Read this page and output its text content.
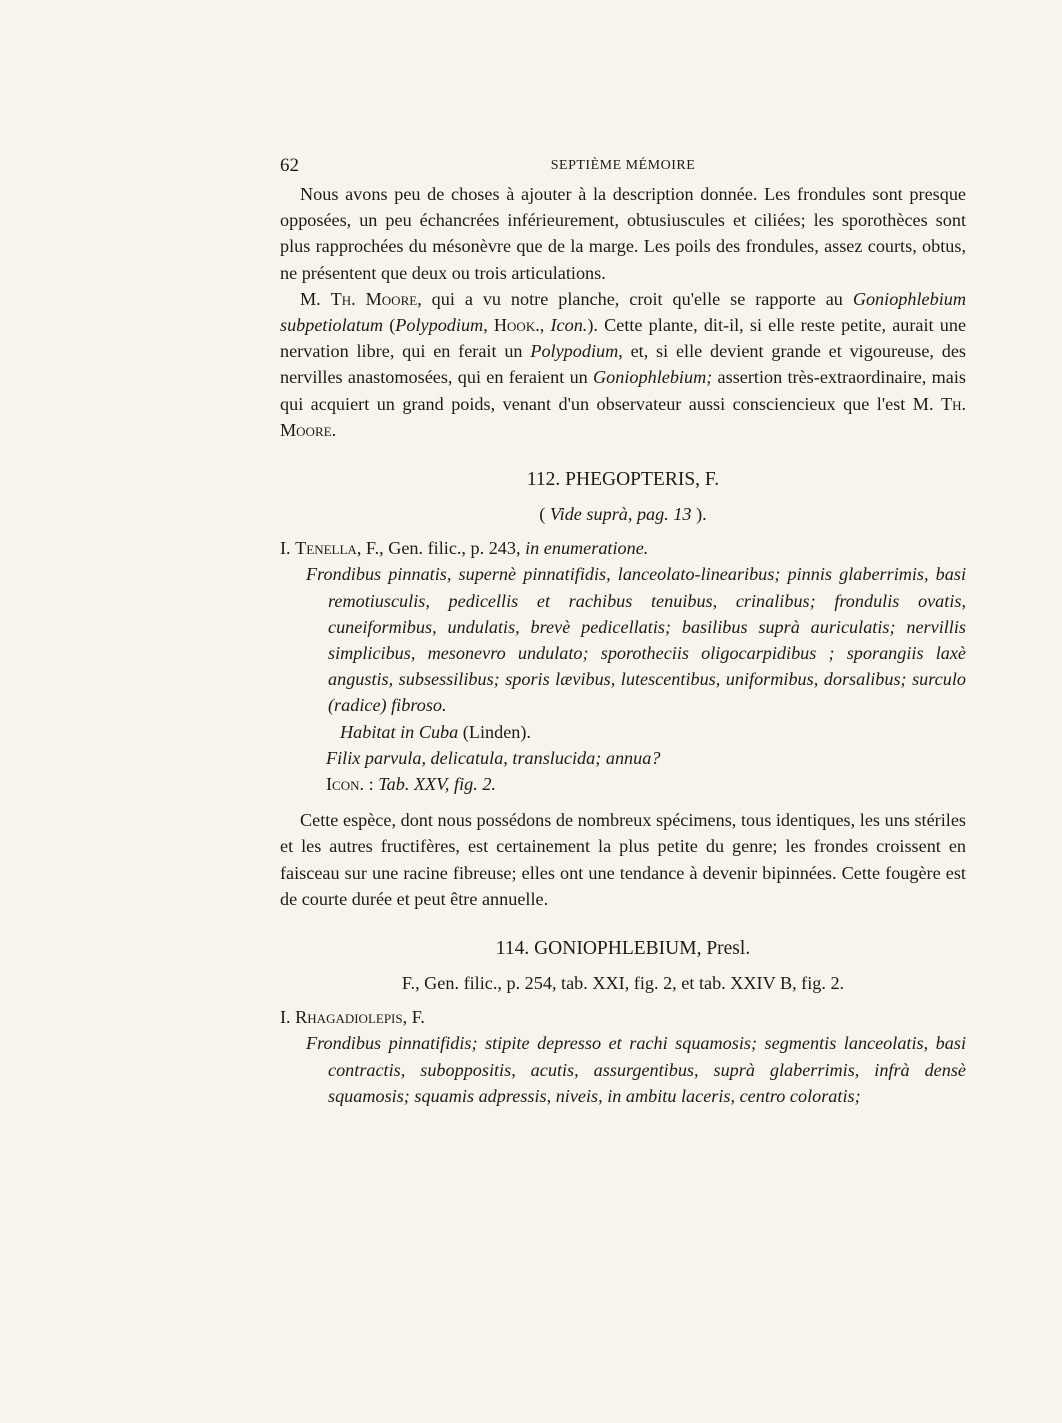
62	SEPTIÈME MÉMOIRE

Nous avons peu de choses à ajouter à la description donnée. Les frondules sont presque opposées, un peu échancrées inférieurement, obtusiuscules et ciliées; les sporothèces sont plus rapprochées du mésonèvre que de la marge. Les poils des frondules, assez courts, obtus, ne présentent que deux ou trois articulations.

M. Th. Moore, qui a vu notre planche, croit qu'elle se rapporte au Goniophlebium subpetiolatum (Polypodium, Hook., Icon.). Cette plante, dit-il, si elle reste petite, aurait une nervation libre, qui en ferait un Polypodium, et, si elle devient grande et vigoureuse, des nervilles anastomosées, qui en feraient un Goniophlebium; assertion très-extraordinaire, mais qui acquiert un grand poids, venant d'un observateur aussi consciencieux que l'est M. Th. Moore.

112. PHEGOPTERIS, F.
( Vide suprà, pag. 13 ).
I. Tenella, F., Gen. filic., p. 243, in enumeratione.

Frondibus pinnatis, supernè pinnatifidis, lanceolato-linearibus; pinnis glaberrimis, basi remotiusculis, pedicellis et rachibus tenuibus, crinalibus; frondulis ovatis, cuneiformibus, undulatis, brevè pedicellatis; basilibus suprà auriculatis; nervillis simplicibus, mesonevro undulato; sporotheciis oligocarpidibus ; sporangiis laxè angustis, subsessilibus; sporis lævibus, lutescentibus, uniformibus, dorsalibus; surculo (radice) fibroso.

Habitat in Cuba (Linden).
Filix parvula, delicatula, translucida; annua?
Icon. : Tab. XXV, fig. 2.

Cette espèce, dont nous possédons de nombreux spécimens, tous identiques, les uns stériles et les autres fructifères, est certainement la plus petite du genre; les frondes croissent en faisceau sur une racine fibreuse; elles ont une tendance à devenir bipinnées. Cette fougère est de courte durée et peut être annuelle.

114. GONIOPHLEBIUM, Presl.
F., Gen. filic., p. 254, tab. XXI, fig. 2, et tab. XXIV B, fig. 2.
I. Rhagadiolepis, F.

Frondibus pinnatifidis; stipite depresso et rachi squamosis; segmentis lanceolatis, basi contractis, suboppositis, acutis, assurgentibus, suprà glaberrimis, infrà densè squamosis; squamis adpressis, niveis, in ambitu laceris, centro coloratis;
